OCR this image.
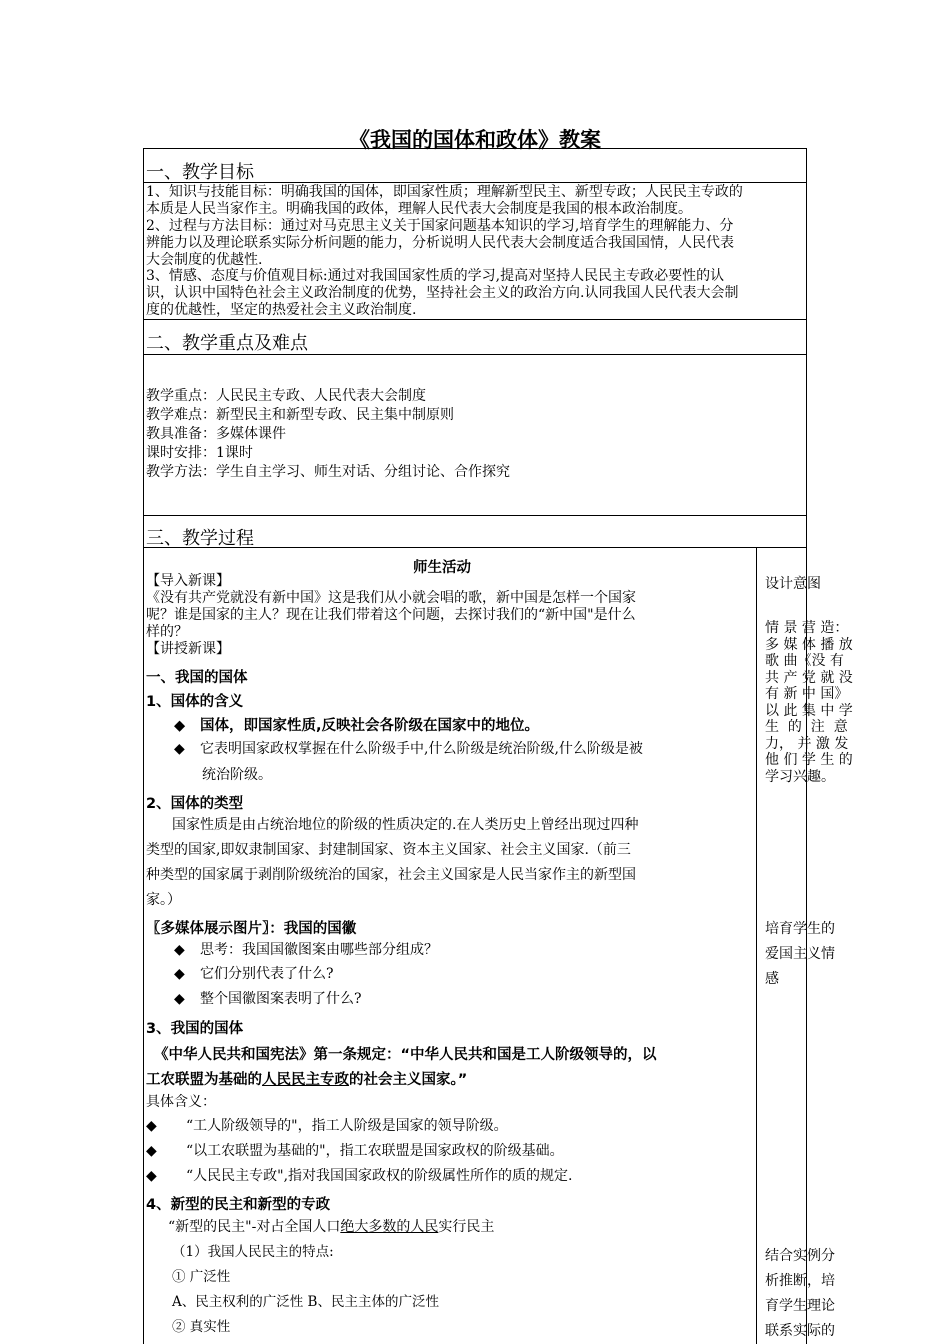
《我国的国体和政体》教案
一、教学目标
1、知识与技能目标：明确我国的国体，即国家性质；理解新型民主、新型专政；人民民主专政的
本质是人民当家作主。明确我国的政体，理解人民代表大会制度是我国的根本政治制度。
2、过程与方法目标：通过对马克思主义关于国家问题基本知识的学习,培育学生的理解能力、分
辨能力以及理论联系实际分析问题的能力，分析说明人民代表大会制度适合我国国情，人民代表
大会制度的优越性.
3、情感、态度与价值观目标:通过对我国国家性质的学习,提高对坚持人民民主专政必要性的认
识，认识中国特色社会主义政治制度的优势，坚持社会主义的政治方向.认同我国人民代表大会制
度的优越性，坚定的热爱社会主义政治制度.
二、教学重点及难点
教学重点：人民民主专政、人民代表大会制度
教学难点：新型民主和新型专政、民主集中制原则
教具准备：多媒体课件
课时安排：1课时
教学方法：学生自主学习、师生对话、分组讨论、合作探究
三、教学过程
师生活动
【导入新课】
《没有共产党就没有新中国》这是我们从小就会唱的歌，新中国是怎样一个国家
呢？谁是国家的主人？现在让我们带着这个问题，去探讨我们的“新中国"是什么
样的？
【讲授新课】
一、我国的国体
1、国体的含义
◆ 国体，即国家性质,反映社会各阶级在国家中的地位。
◆ 它表明国家政权掌握在什么阶级手中,什么阶级是统治阶级,什么阶级是被
统治阶级。
2、国体的类型
国家性质是由占统治地位的阶级的性质决定的.在人类历史上曾经出现过四种
类型的国家,即奴隶制国家、封建制国家、资本主义国家、社会主义国家.（前三
种类型的国家属于剥削阶级统治的国家，社会主义国家是人民当家作主的新型国
家。）
〖多媒体展示图片〗：我国的国徽
◆ 思考：我国国徽图案由哪些部分组成？
◆ 它们分别代表了什么?
◆ 整个国徽图案表明了什么?
3、我国的国体
《中华人民共和国宪法》第一条规定：“中华人民共和国是工人阶级领导的，以
工农联盟为基础的人民民主专政的社会主义国家。”
具体含义：
◆ “工人阶级领导的"，指工人阶级是国家的领导阶级。
◆ “以工农联盟为基础的"，指工农联盟是国家政权的阶级基础。
◆ “人民民主专政",指对我国国家政权的阶级属性所作的质的规定.
4、新型的民主和新型的专政
“新型的民主"-对占全国人口绝大多数的人民实行民主
（1）我国人民民主的特点:
① 广泛性
A、民主权利的广泛性 B、民主主体的广泛性
② 真实性
设计意图
情 景 营 造：
多 媒 体 播 放
歌 曲《没 有
共 产 党 就 没
有 新 中 国》
以 此 集 中 学
生  的  注  意
力， 并 激 发
他 们 学 生 的
学习兴趣。
培育学生的
爱国主义情
感
结合实例分
析推断，培
育学生理论
联系实际的
